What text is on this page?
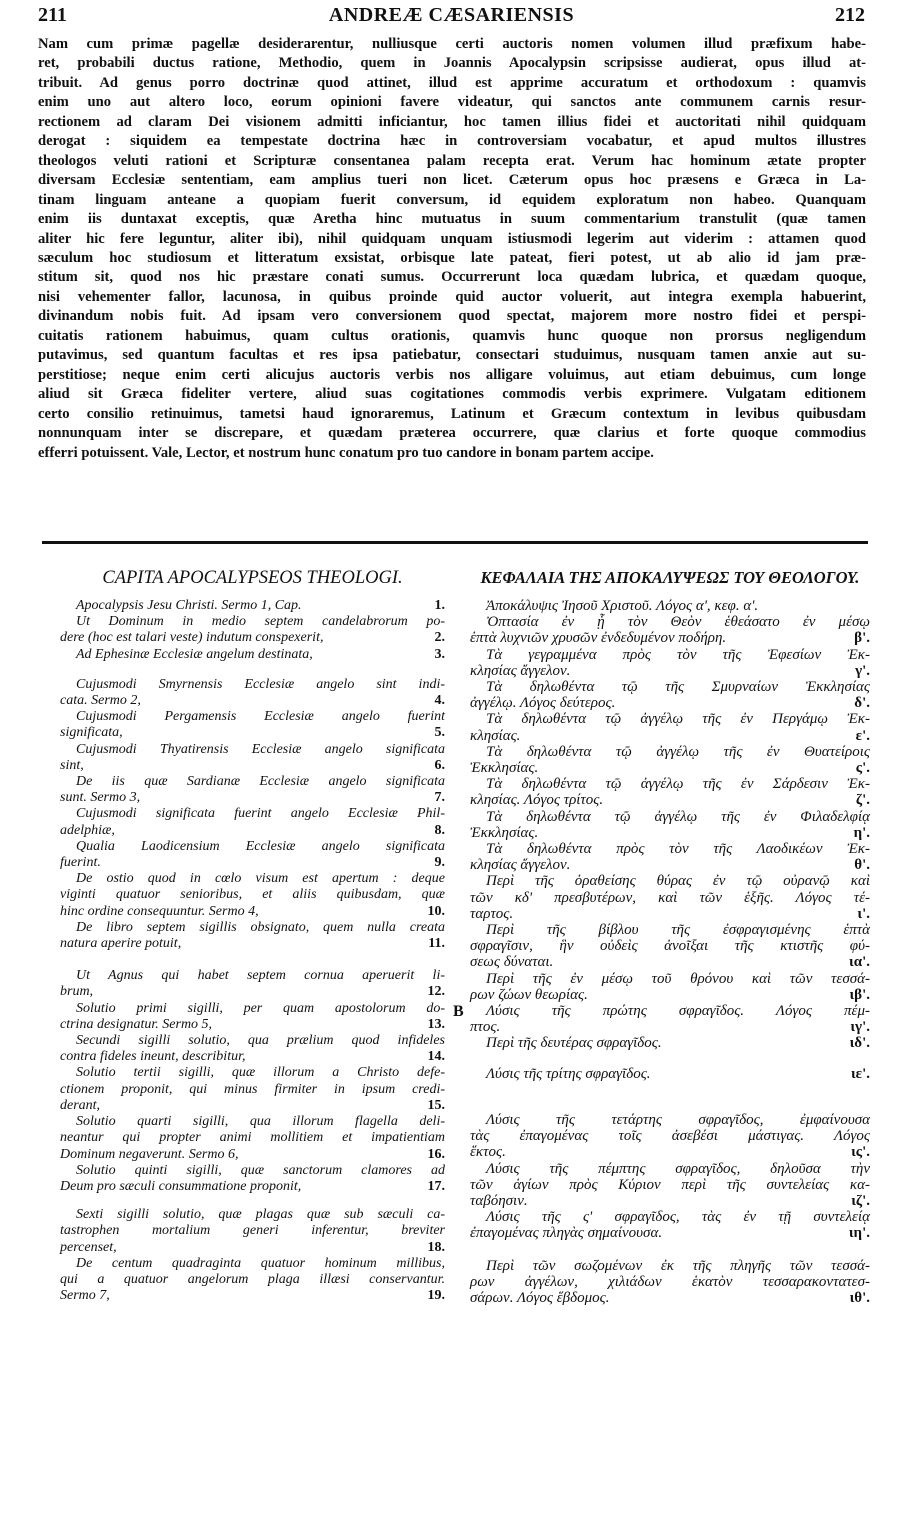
211	ANDREÆ CÆSARIENSIS	212
Nam cum primæ pagellæ desiderarentur, nulliusque certi auctoris nomen volumen illud præfixum habe-
ret, probabili ductus ratione, Methodio, quem in Joannis Apocalypsin scripsisse audierat, opus illud at-
tribuit. Ad genus porro doctrinæ quod attinet, illud est apprime accuratum et orthodoxum : quamvis
enim uno aut altero loco, eorum opinioni favere videatur, qui sanctos ante communem carnis resur-
rectionem ad claram Dei visionem admitti inficiantur, hoc tamen illius fidei et auctoritati nihil quidquam
derogat : siquidem ea tempestate doctrina hæc in controversiam vocabatur, et apud multos illustres
theologos veluti rationi et Scripturæ consentanea palam recepta erat. Verum hac hominum ætate propter
diversam Ecclesiæ sententiam, eam amplius tueri non licet. Cæterum opus hoc præsens e Græca in La-
tinam linguam anteane a quopiam fuerit conversum, id equidem exploratum non habeo. Quanquam
enim iis duntaxat exceptis, quæ Aretha hinc mutuatus in suum commentarium transtulit (quæ tamen
aliter hic fere leguntur, aliter ibi), nihil quidquam unquam istiusmodi legerim aut viderim : attamen quod
sæculum hoc studiosum et litteratum exsistat, orbisque late pateat, fieri potest, ut ab alio id jam præ-
stitum sit, quod nos hic præstare conati sumus. Occurrerunt loca quædam lubrica, et quædam quoque,
nisi vehementer fallor, lacunosa, in quibus proinde quid auctor voluerit, aut integra exempla habuerint,
divinandum nobis fuit. Ad ipsam vero conversionem quod spectat, majorem more nostro fidei et perspi-
cuitatis rationem habuimus, quam cultus orationis, quamvis hunc quoque non prorsus negligendum
putavimus, sed quantum facultas et res ipsa patiebatur, consectari studuimus, nusquam tamen anxie aut su-
perstitiose; neque enim certi alicujus auctoris verbis nos alligare voluimus, aut etiam debuimus, cum longe
aliud sit Græca fideliter vertere, aliud suas cogitationes commodis verbis exprimere. Vulgatam editionem
certo consilio retinuimus, tametsi haud ignoraremus, Latinum et Græcum contextum in levibus quibusdam
nonnunquam inter se discrepare, et quædam præterea occurrere, quæ clarius et forte quoque commodius
efferri potuissent. Vale, Lector, et nostrum hunc conatum pro tuo candore in bonam partem accipe.
CAPITA APOCALYPSEOS THEOLOGI.
Apocalypsis Jesu Christi. Sermo 1, Cap.	1.
Ut Dominum in medio septem candelabrorum po-
dere (hoc est talari veste) indutum conspexerit,	2.
Ad Ephesinæ Ecclesiæ angelum destinata,	3.
Cujusmodi Smyrnensis Ecclesiæ angelo sint indi-
cata. Sermo 2,	4.
Cujusmodi Pergamensis Ecclesiæ angelo fuerint
significata,	5.
Cujusmodi Thyatirensis Ecclesiæ angelo significata
sint,	6.
De iis quæ Sardianæ Ecclesiæ angelo significata
sunt. Sermo 3,	7.
Cujusmodi significata fuerint angelo Ecclesiæ Phil-
adelphiæ,	8.
Qualia Laodicensium Ecclesiæ angelo significata
fuerint.	9.
De ostio quod in cœlo visum est apertum : deque
viginti quatuor senioribus, et aliis quibusdam, quæ
hinc ordine consequuntur. Sermo 4,	10.
De libro septem sigillis obsignato, quem nulla creata
natura aperire potuit,	11.
Ut Agnus qui habet septem cornua aperuerit li-
brum,	12.
Solutio primi sigilli, per quam apostolorum do-
ctrina designatur. Sermo 5,	13.
Secundi sigilli solutio, qua prælium quod infideles
contra fideles ineunt, describitur,	14.
Solutio tertii sigilli, quæ illorum a Christo defe-
ctionem proponit, qui minus firmiter in ipsum credi-
derant,	15.
Solutio quarti sigilli, qua illorum flagella deli-
neantur qui propter animi mollitiem et impatientiam
Dominum negaverunt. Sermo 6,	16.
Solutio quinti sigilli, quæ sanctorum clamores ad
Deum pro sæculi consummatione proponit,	17.
Sexti sigilli solutio, quæ plagas quæ sub sæculi ca-
tastrophen mortalium generi inferentur, breviter
percenset,	18.
De centum quadraginta quatuor hominum millibus,
qui a quatuor angelorum plaga illæsi conservantur.
Sermo 7,	19.
B
ΚΕΦΑΛΑΙΑ ΤΗΣ ΑΠΟΚΑΛΥΨΕΩΣ ΤΟΥ ΘΕΟΛΟΓΟΥ.
Ἀποκάλυψις Ἰησοῦ Χριστοῦ. Λόγος α', κεφ. α'.
Ὀπτασία ἐν ᾗ τὸν Θεὸν ἑθεάσατο ἐν μέσῳ
ἑπτὰ λυχνιῶν χρυσῶν ἐνδεδυμένον ποδήρη.	β'.
Τὰ γεγραμμένα πρὸς τὸν τῆς Ἐφεσίων Ἐκ-
κλησίας ἄγγελον.	γ'.
Τὰ δηλωθέντα τῷ τῆς Σμυρναίων Ἐκκλησίας
ἀγγέλῳ. Λόγος δεύτερος.	δ'.
Τὰ δηλωθέντα τῷ ἀγγέλῳ τῆς ἐν Περγάμῳ Ἐκ-
κλησίας.	ε'.
Τὰ δηλωθέντα τῷ ἀγγέλῳ τῆς ἐν Θυατείροις
Ἐκκλησίας.	ς'.
Τὰ δηλωθέντα τῷ ἀγγέλῳ τῆς ἐν Σάρδεσιν Ἐκ-
κλησίας. Λόγος τρίτος.	ζ'.
Τὰ δηλωθέντα τῷ ἀγγέλῳ τῆς ἐν Φιλαδελφίᾳ
Ἐκκλησίας.	η'.
Τὰ δηλωθέντα πρὸς τὸν τῆς Λαοδικέων Ἐκ-
κλησίας ἄγγελον.	θ'.
Περὶ τῆς ὁραθείσης θύρας ἐν τῷ οὐρανῷ καὶ
τῶν κδ' πρεσβυτέρων, καὶ τῶν ἑξῆς. Λόγος τέ-
ταρτος.	ι'.
Περὶ τῆς βίβλου τῆς ἐσφραγισμένης ἑπτὰ
σφραγῖσιν, ἣν οὐδεὶς ἀνοῖξαι τῆς κτιστῆς φύ-
σεως δύναται.	ια'.
Περὶ τῆς ἐν μέσῳ τοῦ θρόνου καὶ τῶν τεσσά-
ρων ζώων θεωρίας.	ιβ'.
Λύσις τῆς πρώτης σφραγῖδος. Λόγος πέμ-
πτος.	ιγ'.
Περὶ τῆς δευτέρας σφραγῖδος.	ιδ'.
Λύσις τῆς τρίτης σφραγῖδος.	ιε'.
Λύσις τῆς τετάρτης σφραγῖδος, ἐμφαίνουσα
τὰς ἐπαγομένας τοῖς ἀσεβέσι μάστιγας. Λόγος
ἕκτος.	ις'.
Λύσις τῆς πέμπτης σφραγῖδος, δηλοῦσα τὴν
τῶν ἁγίων πρὸς Κύριον περὶ τῆς συντελείας κα-
ταβόησιν.	ιζ'.
Λύσις τῆς ς' σφραγῖδος, τὰς ἐν τῇ συντελείᾳ
ἐπαγομένας πληγὰς σημαίνουσα.	ιη'.
Περὶ τῶν σωζομένων ἐκ τῆς πληγῆς τῶν τεσσά-
ρων ἀγγέλων, χιλιάδων ἑκατὸν τεσσαρακοντατεσ-
σάρων. Λόγος ἕβδομος.	ιθ'.
